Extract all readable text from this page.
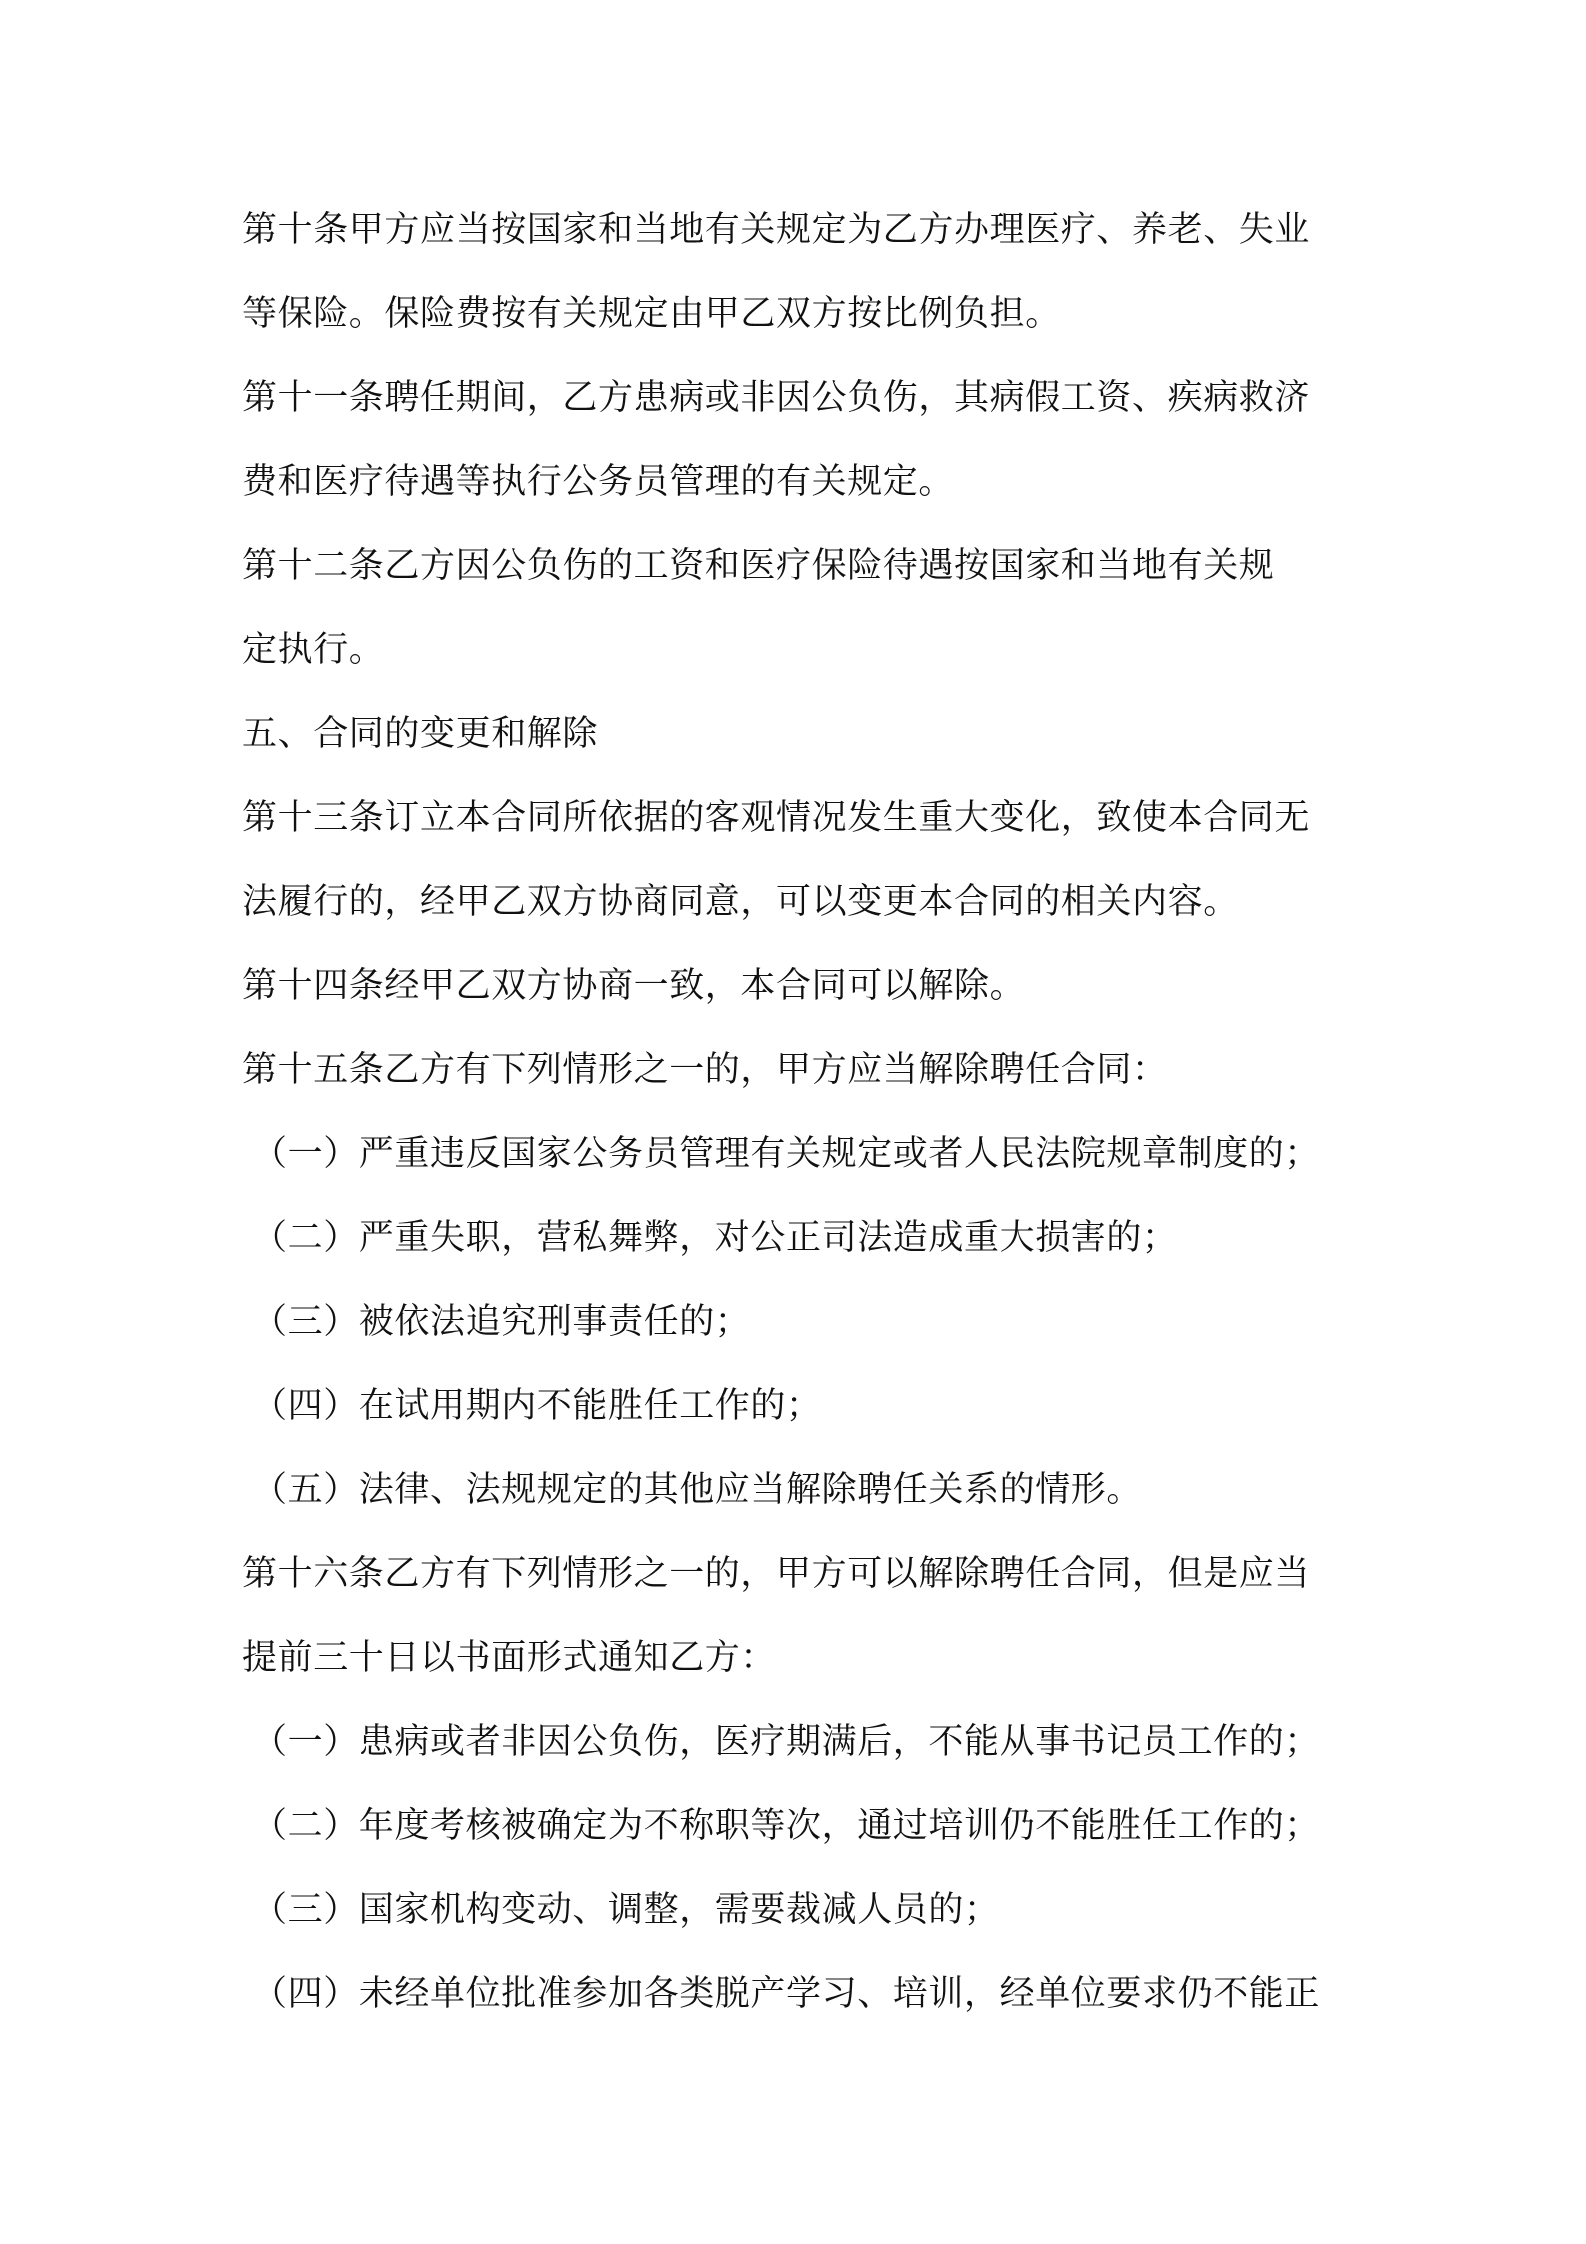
第十条甲方应当按国家和当地有关规定为乙方办理医疗、养老、失业
等保险。保险费按有关规定由甲乙双方按比例负担。
第十一条聘任期间，乙方患病或非因公负伤，其病假工资、疾病救济
费和医疗待遇等执行公务员管理的有关规定。
第十二条乙方因公负伤的工资和医疗保险待遇按国家和当地有关规
定执行。
五、合同的变更和解除
第十三条订立本合同所依据的客观情况发生重大变化，致使本合同无
法履行的，经甲乙双方协商同意，可以变更本合同的相关内容。
第十四条经甲乙双方协商一致，本合同可以解除。
第十五条乙方有下列情形之一的，甲方应当解除聘任合同：
（一）严重违反国家公务员管理有关规定或者人民法院规章制度的；
（二）严重失职，营私舞弊，对公正司法造成重大损害的；
（三）被依法追究刑事责任的；
（四）在试用期内不能胜任工作的；
（五）法律、法规规定的其他应当解除聘任关系的情形。
第十六条乙方有下列情形之一的，甲方可以解除聘任合同，但是应当
提前三十日以书面形式通知乙方：
（一）患病或者非因公负伤，医疗期满后，不能从事书记员工作的；
（二）年度考核被确定为不称职等次，通过培训仍不能胜任工作的；
（三）国家机构变动、调整，需要裁减人员的；
（四）未经单位批准参加各类脱产学习、培训，经单位要求仍不能正
